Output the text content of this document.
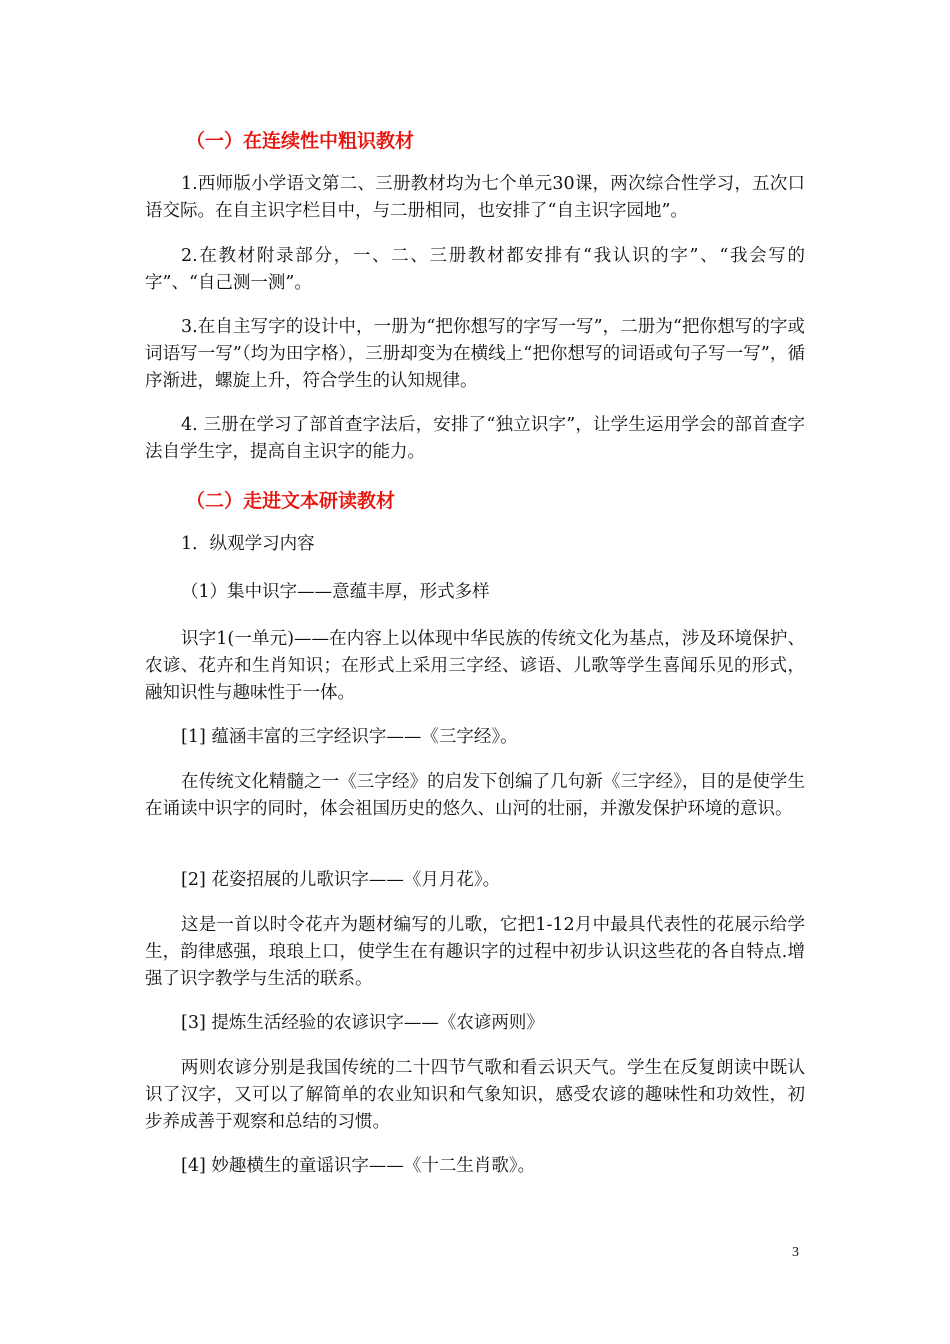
（一）在连续性中粗识教材

1.西师版小学语文第二、三册教材均为七个单元30课，两次综合性学习，五次口语交际。在自主识字栏目中，与二册相同，也安排了“自主识字园地”。

2.在教材附录部分，一、二、三册教材都安排有“我认识的字”、“我会写的字”、“自己测一测”。

3.在自主写字的设计中，一册为“把你想写的字写一写”，二册为“把你想写的字或词语写一写”（均为田字格），三册却变为在横线上“把你想写的词语或句子写一写”，循序渐进，螺旋上升，符合学生的认知规律。

4. 三册在学习了部首查字法后，安排了“独立识字”，让学生运用学会的部首查字法自学生字，提高自主识字的能力。

（二）走进文本研读教材
1．纵观学习内容
（1）集中识字——意蕴丰厚，形式多样

识字1(一单元)——在内容上以体现中华民族的传统文化为基点，涉及环境保护、农谚、花卉和生肖知识；在形式上采用三字经、谚语、儿歌等学生喜闻乐见的形式，融知识性与趣味性于一体。

[1] 蕴涵丰富的三字经识字——《三字经》。

在传统文化精髓之一《三字经》的启发下创编了几句新《三字经》，目的是使学生在诵读中识字的同时，体会祖国历史的悠久、山河的壮丽，并激发保护环境的意识。

[2] 花姿招展的儿歌识字——《月月花》。

这是一首以时令花卉为题材编写的儿歌，它把1-12月中最具代表性的花展示给学生，韵律感强，琅琅上口，使学生在有趣识字的过程中初步认识这些花的各自特点.增强了识字教学与生活的联系。

[3] 提炼生活经验的农谚识字——《农谚两则》

两则农谚分别是我国传统的二十四节气歌和看云识天气。学生在反复朗读中既认识了汉字，又可以了解简单的农业知识和气象知识，感受农谚的趣味性和功效性，初步养成善于观察和总结的习惯。

[4] 妙趣横生的童谣识字——《十二生肖歌》。
3
